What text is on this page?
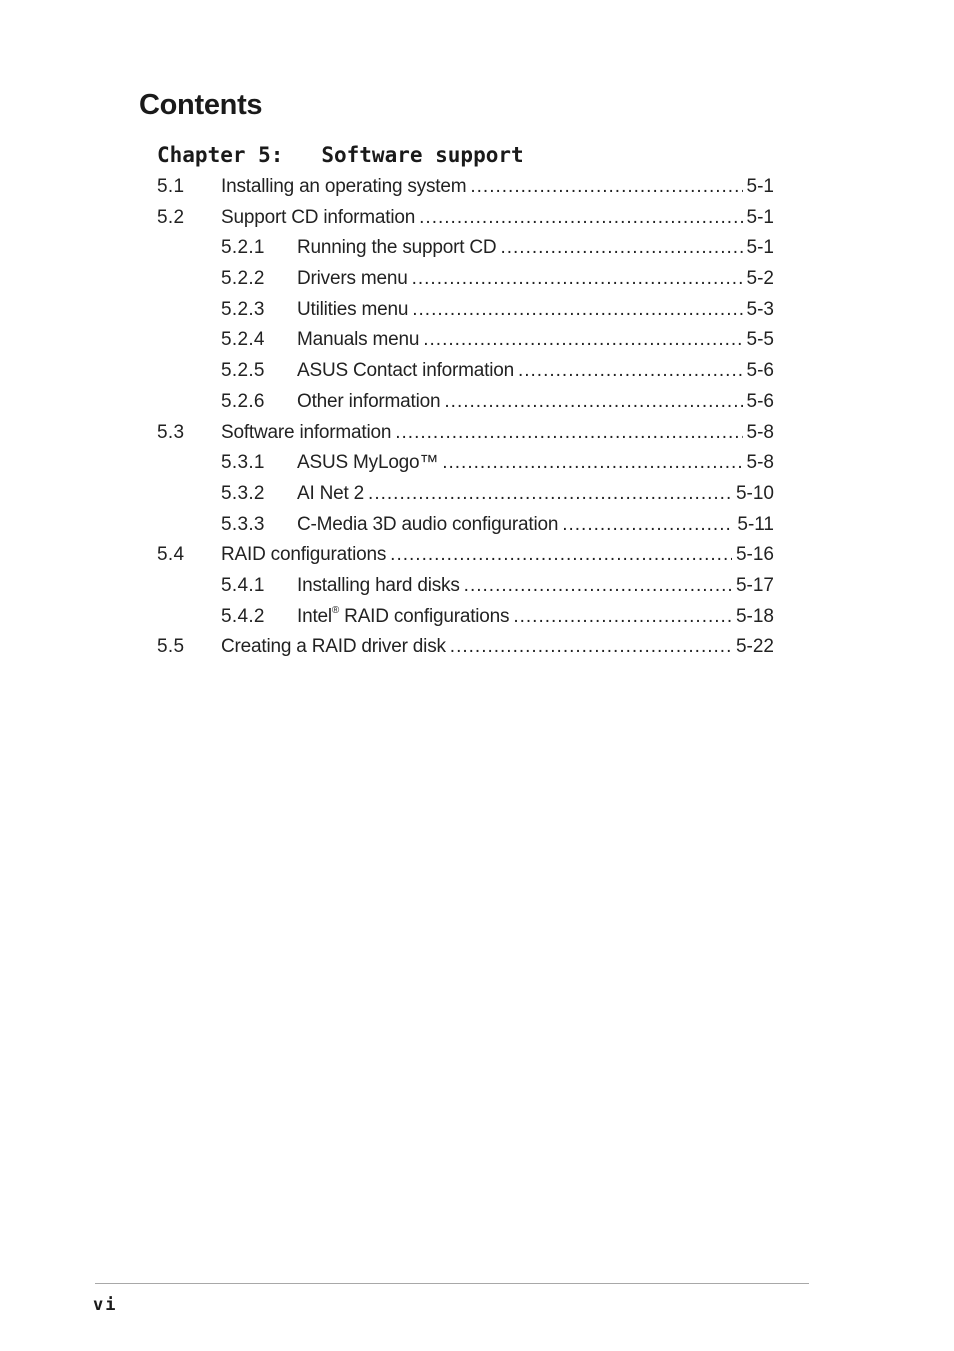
Contents
Chapter 5:   Software support
5.1	Installing an operating system .....	5-1
5.2	Support CD information .....	5-1
5.2.1	Running the support CD .....	5-1
5.2.2	Drivers menu .....	5-2
5.2.3	Utilities menu .....	5-3
5.2.4	Manuals menu .....	5-5
5.2.5	ASUS Contact information .....	5-6
5.2.6	Other information .....	5-6
5.3	Software information .....	5-8
5.3.1	ASUS MyLogo™ .....	5-8
5.3.2	AI Net 2 .....	5-10
5.3.3	C-Media 3D audio configuration .....	5-11
5.4	RAID configurations .....	5-16
5.4.1	Installing hard disks .....	5-17
5.4.2	Intel® RAID configurations .....	5-18
5.5	Creating a RAID driver disk .....	5-22
vi
